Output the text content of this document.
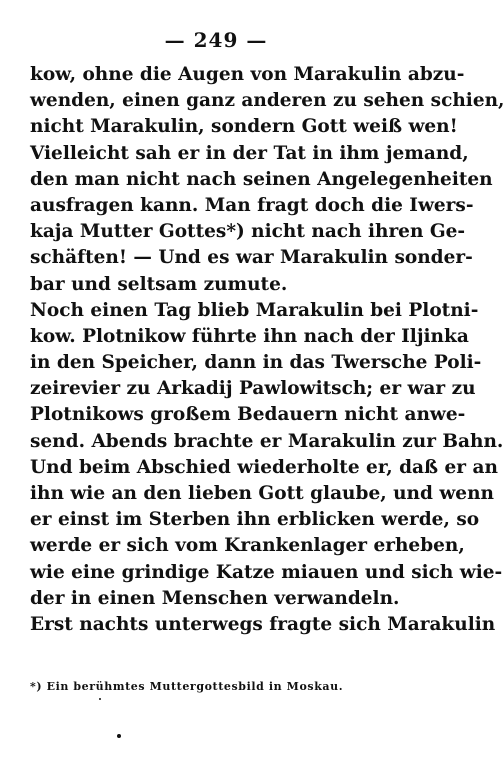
— 249 —
kow, ohne die Augen von Marakulin abzu-
wenden, einen ganz anderen zu sehen schien,
nicht Marakulin, sondern Gott weiß wen!
Vielleicht sah er in der Tat in ihm jemand,
den man nicht nach seinen Angelegenheiten
ausfragen kann. Man fragt doch die Iwers-
kaja Mutter Gottes*) nicht nach ihren Ge-
schäften! — Und es war Marakulin sonder-
bar und seltsam zumute.
Noch einen Tag blieb Marakulin bei Plotni-
kow. Plotnikow führte ihn nach der Iljinka
in den Speicher, dann in das Twersche Poli-
zeirevier zu Arkadij Pawlowitsch; er war zu
Plotnikows großem Bedauern nicht anwe-
send. Abends brachte er Marakulin zur Bahn.
Und beim Abschied wiederholte er, daß er an
ihn wie an den lieben Gott glaube, und wenn
er einst im Sterben ihn erblicken werde, so
werde er sich vom Krankenlager erheben,
wie eine grindige Katze miauen und sich wie-
der in einen Menschen verwandeln.
Erst nachts unterwegs fragte sich Marakulin
*) Ein berühmtes Muttergottesbild in Moskau.
